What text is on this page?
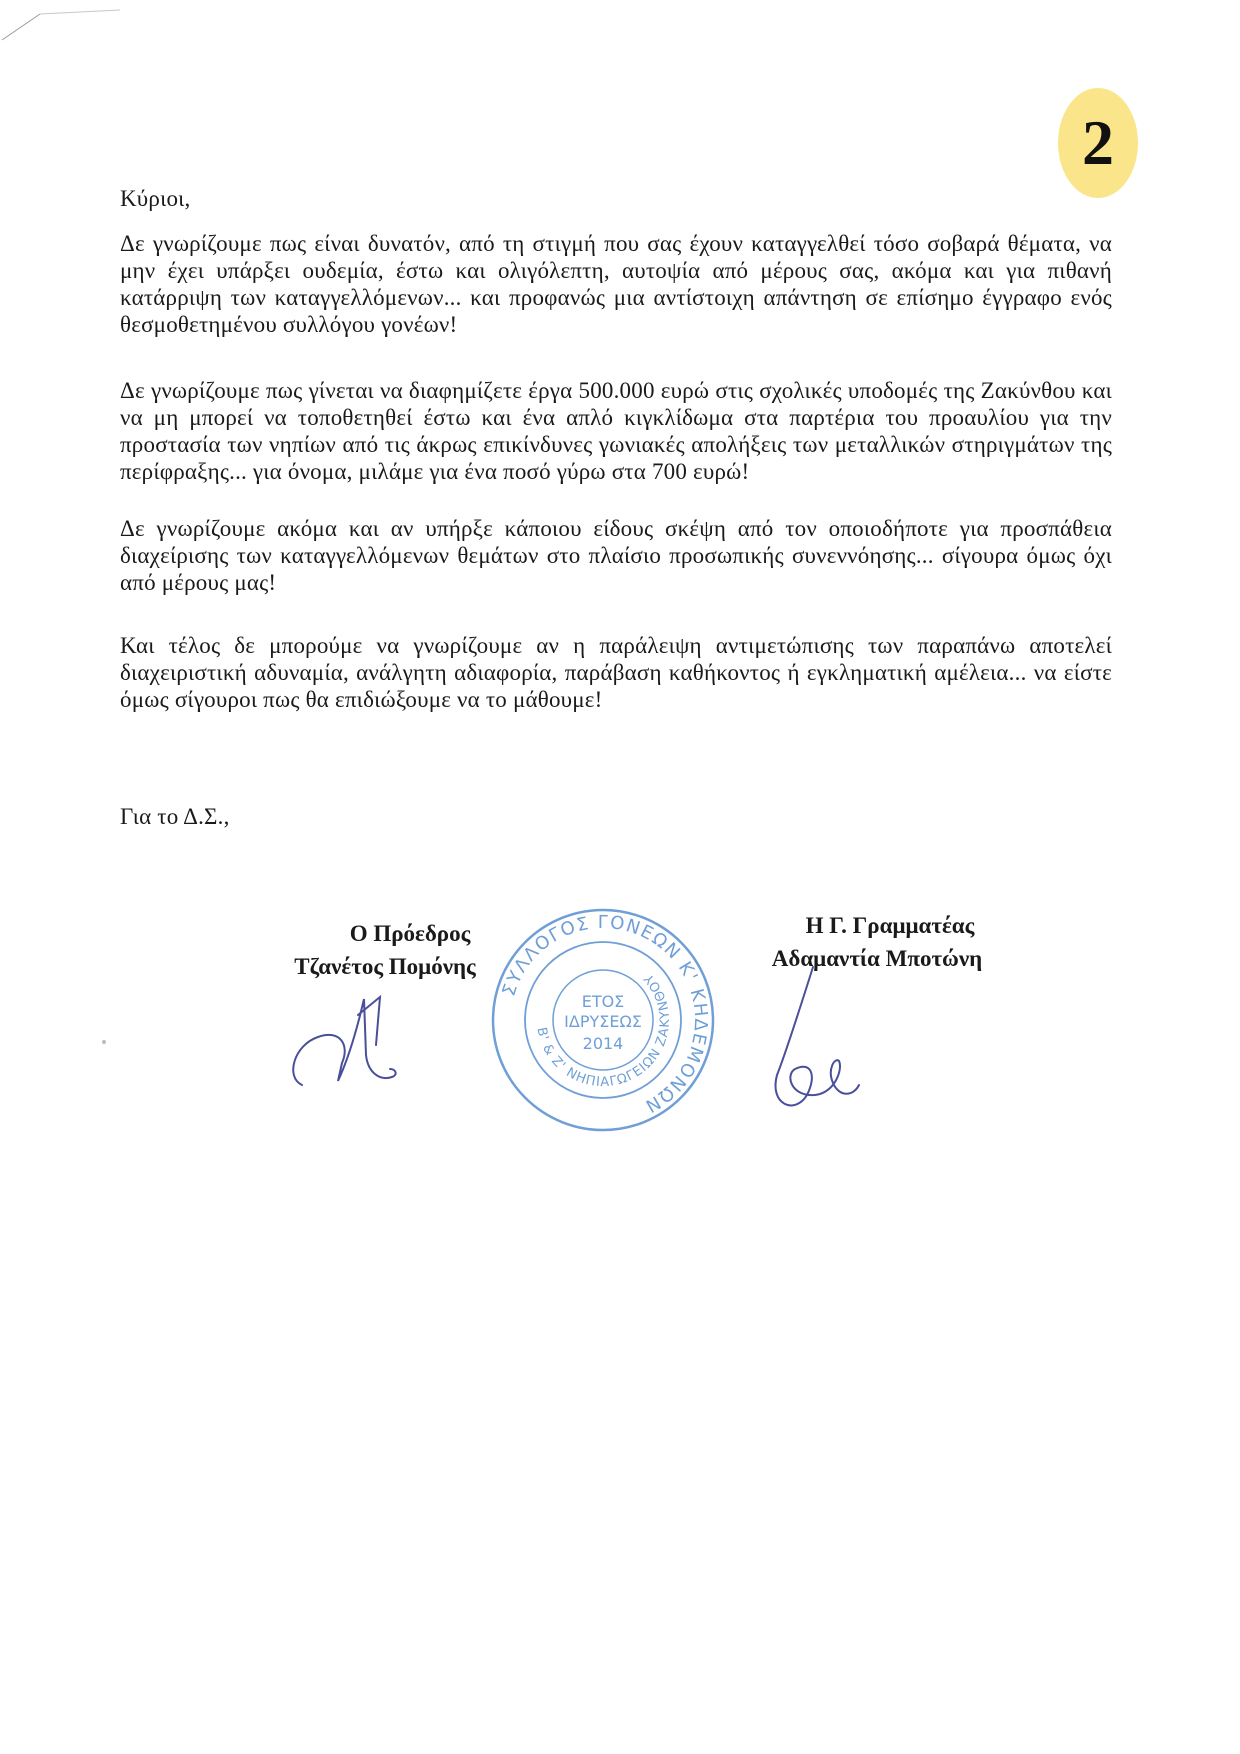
2
Κύριοι,
Δε γνωρίζουμε πως είναι δυνατόν, από τη στιγμή που σας έχουν καταγγελθεί τόσο σοβαρά θέματα, να μην έχει υπάρξει ουδεμία, έστω και ολιγόλεπτη, αυτοψία από μέρους σας, ακόμα και για πιθανή κατάρριψη των καταγγελλόμενων... και προφανώς μια αντίστοιχη απάντηση σε επίσημο έγγραφο ενός θεσμοθετημένου συλλόγου γονέων!
Δε γνωρίζουμε πως γίνεται να διαφημίζετε έργα 500.000 ευρώ στις σχολικές υποδομές της Ζακύνθου και να μη μπορεί να τοποθετηθεί έστω και ένα απλό κιγκλίδωμα στα παρτέρια του προαυλίου για την προστασία των νηπίων από τις άκρως επικίνδυνες γωνιακές απολήξεις των μεταλλικών στηριγμάτων της περίφραξης... για όνομα, μιλάμε για ένα ποσό γύρω στα 700 ευρώ!
Δε γνωρίζουμε ακόμα και αν υπήρξε κάποιου είδους σκέψη από τον οποιοδήποτε για προσπάθεια διαχείρισης των καταγγελλόμενων θεμάτων στο πλαίσιο προσωπικής συνεννόησης... σίγουρα όμως όχι από μέρους μας!
Και τέλος δε μπορούμε να γνωρίζουμε αν η παράλειψη αντιμετώπισης των παραπάνω αποτελεί διαχειριστική αδυναμία, ανάλγητη αδιαφορία, παράβαση καθήκοντος ή εγκληματική αμέλεια... να είστε όμως σίγουροι πως θα επιδιώξουμε να το μάθουμε!
Για το Δ.Σ.,
Ο Πρόεδρος
Τζανέτος Πομόνης
Η Γ. Γραμματέας
Αδαμαντία Μποτώνη
ΣΥΛΛΟΓΟΣ ΓΟΝΕΩΝ Κ' ΚΗΔΕΜΟΝΩΝ
Β' & Ζ' ΝΗΠΙΑΓΩΓΕΙΩΝ ΖΑΚΥΝΘΟΥ
ΕΤΟΣ
ΙΔΡΥΣΕΩΣ
2014
